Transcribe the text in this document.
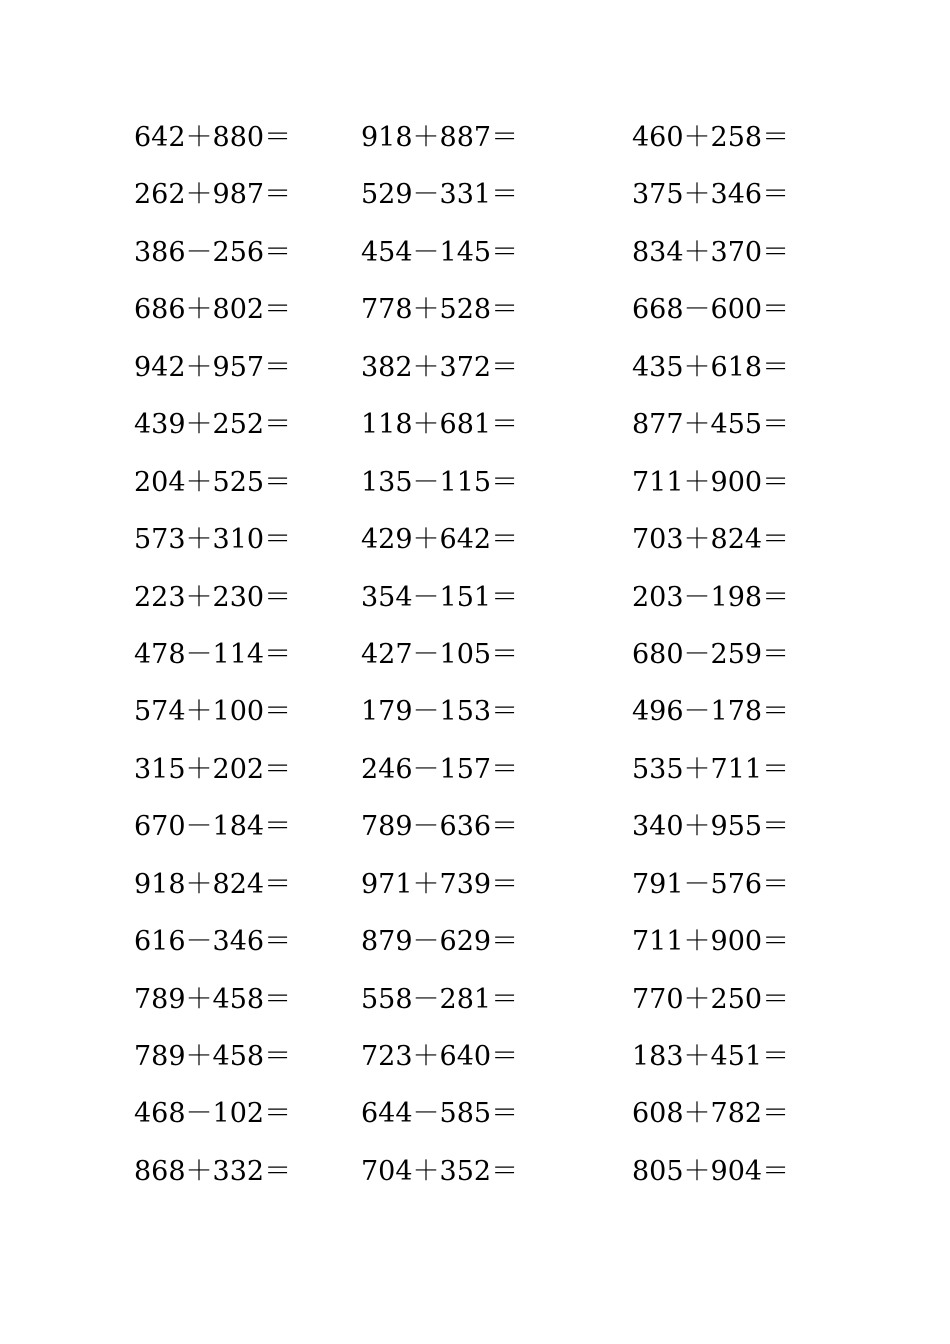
642＋880＝	918＋887＝	460＋258＝
262＋987＝	529－331＝	375＋346＝
386－256＝	454－145＝	834＋370＝
686＋802＝	778＋528＝	668－600＝
942＋957＝	382＋372＝	435＋618＝
439＋252＝	118＋681＝	877＋455＝
204＋525＝	135－115＝	711＋900＝
573＋310＝	429＋642＝	703＋824＝
223＋230＝	354－151＝	203－198＝
478－114＝	427－105＝	680－259＝
574＋100＝	179－153＝	496－178＝
315＋202＝	246－157＝	535＋711＝
670－184＝	789－636＝	340＋955＝
918＋824＝	971＋739＝	791－576＝
616－346＝	879－629＝	711＋900＝
789＋458＝	558－281＝	770＋250＝
789＋458＝	723＋640＝	183＋451＝
468－102＝	644－585＝	608＋782＝
868＋332＝	704＋352＝	805＋904＝
